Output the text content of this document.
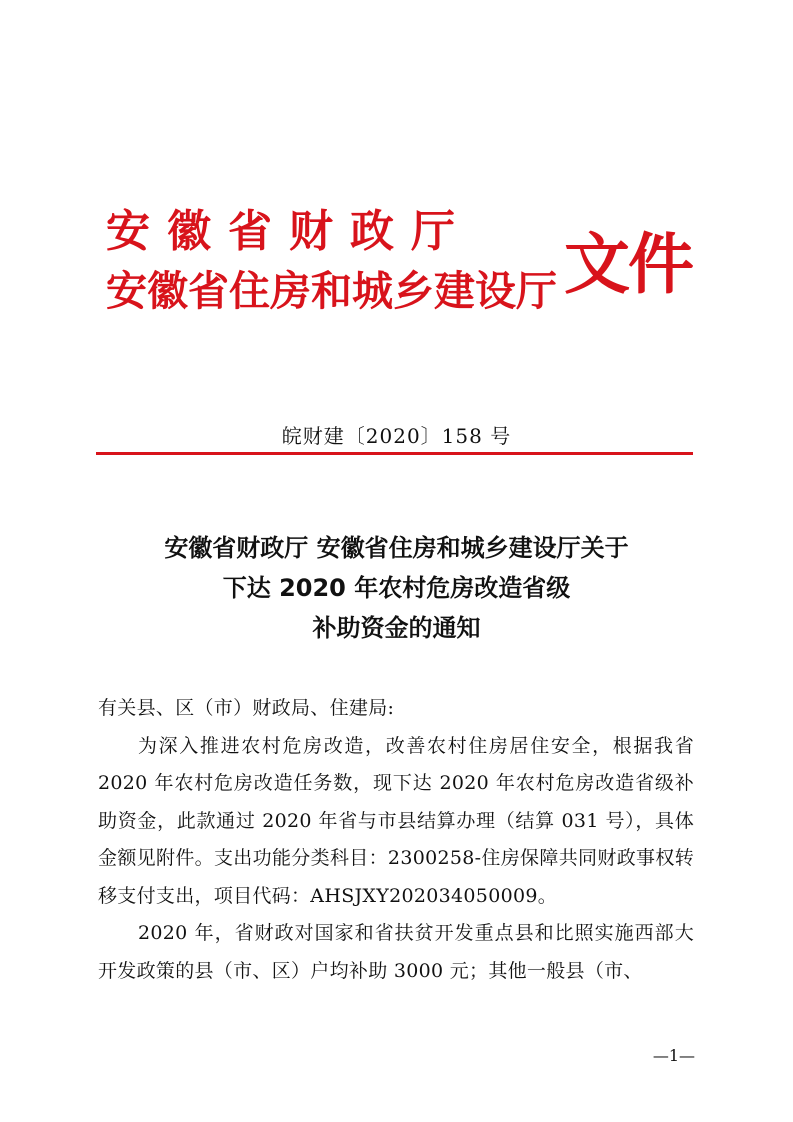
安徽省财政厅
安徽省住房和城乡建设厅 文件
皖财建〔2020〕158 号
安徽省财政厅 安徽省住房和城乡建设厅关于
下达 2020 年农村危房改造省级
补助资金的通知

有关县、区（市）财政局、住建局:

为深入推进农村危房改造，改善农村住房居住安全，根据我省 2020 年农村危房改造任务数，现下达 2020 年农村危房改造省级补助资金，此款通过 2020 年省与市县结算办理（结算 031 号），具体金额见附件。支出功能分类科目：2300258-住房保障共同财政事权转移支付支出，项目代码：AHSJXY202034050009。

2020 年，省财政对国家和省扶贫开发重点县和比照实施西部大开发政策的县（市、区）户均补助 3000 元；其他一般县（市、

—1—
